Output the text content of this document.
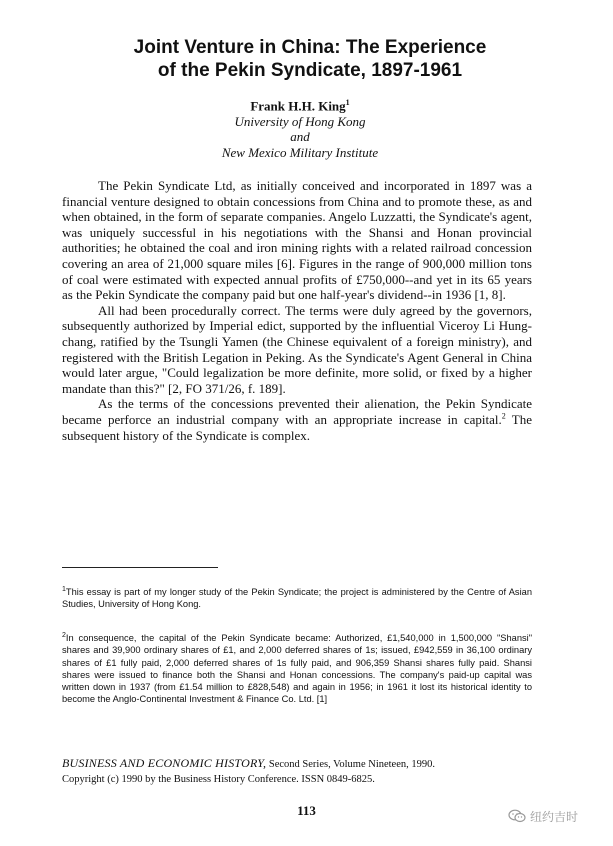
Joint Venture in China: The Experience
of the Pekin Syndicate, 1897-1961
Frank H.H. King$^1$
University of Hong Kong
and
New Mexico Military Institute

The Pekin Syndicate Ltd, as initially conceived and incorporated in 1897 was a financial venture designed to obtain concessions from China and to promote these, as and when obtained, in the form of separate companies. Angelo Luzzatti, the Syndicate's agent, was uniquely successful in his negotiations with the Shansi and Honan provincial authorities; he obtained the coal and iron mining rights with a related railroad concession covering an area of 21,000 square miles [6]. Figures in the range of 900,000 million tons of coal were estimated with expected annual profits of £750,000--and yet in its 65 years as the Pekin Syndicate the company paid but one half-year's dividend--in 1936 [1, 8].

All had been procedurally correct. The terms were duly agreed by the governors, subsequently authorized by Imperial edict, supported by the influential Viceroy Li Hung-chang, ratified by the Tsungli Yamen (the Chinese equivalent of a foreign ministry), and registered with the British Legation in Peking. As the Syndicate's Agent General in China would later argue, "Could legalization be more definite, more solid, or fixed by a higher mandate than this?" [2, FO 371/26, f. 189].

As the terms of the concessions prevented their alienation, the Pekin Syndicate became perforce an industrial company with an appropriate increase in capital.$^2$ The subsequent history of the Syndicate is complex.

$^1$This essay is part of my longer study of the Pekin Syndicate; the project is administered by the Centre of Asian Studies, University of Hong Kong.
$^2$In consequence, the capital of the Pekin Syndicate became: Authorized, £1,540,000 in 1,500,000 "Shansi" shares and 39,900 ordinary shares of £1, and 2,000 deferred shares of 1s; issued, £942,559 in 36,100 ordinary shares of £1 fully paid, 2,000 deferred shares of 1s fully paid, and 906,359 Shansi shares fully paid. Shansi shares were issued to finance both the Shansi and Honan concessions. The company's paid-up capital was written down in 1937 (from £1.54 million to £828,548) and again in 1956; in 1961 it lost its historical identity to become the Anglo-Continental Investment & Finance Co. Ltd. [1]
BUSINESS AND ECONOMIC HISTORY, Second Series, Volume Nineteen, 1990.
Copyright (c) 1990 by the Business History Conference. ISSN 0849-6825.
113	纽约吉时
